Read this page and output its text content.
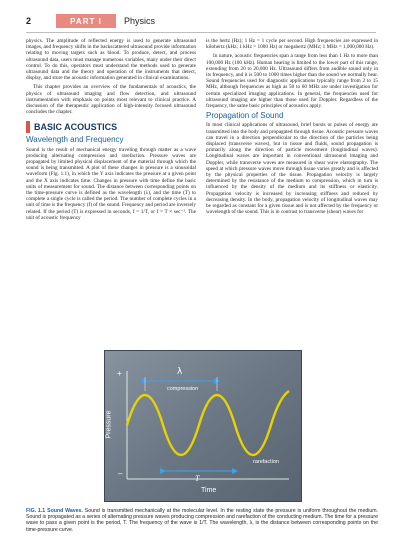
2	PART I	Physics

physics. The amplitude of reflected energy is used to generate ultrasound images, and frequency shifts in the backscattered ultrasound provide information relating to moving targets such as blood. To produce, detect, and process ultrasound data, users must manage numerous variables, many under their direct control. To do this, operators must understand the methods used to generate ultrasound data and the theory and operation of the instruments that detect, display, and store the acoustic information generated in clinical examinations.

This chapter provides an overview of the fundamentals of acoustics, the physics of ultrasound imaging and flow detection, and ultrasound instrumentation with emphasis on points most relevant to clinical practice. A discussion of the therapeutic application of high-intensity focused ultrasound concludes the chapter.

BASIC ACOUSTICS
Wavelength and Frequency

Sound is the result of mechanical energy traveling through matter as a wave producing alternating compression and rarefaction. Pressure waves are propagated by limited physical displacement of the material through which the sound is being transmitted. A plot of these changes in pressure is a sinusoidal waveform (Fig. 1.1), in which the Y axis indicates the pressure at a given point and the X axis indicates time. Changes in pressure with time define the basic units of measurement for sound. The distance between corresponding points on the time-pressure curve is defined as the wavelength (λ), and the time (T) to complete a single cycle is called the period. The number of complete cycles in a unit of time is the frequency (f) of the sound. Frequency and period are inversely related. If the period (T) is expressed in seconds, f = 1/T, or f = T × sec⁻¹. The unit of acoustic frequency

is the hertz (Hz); 1 Hz = 1 cycle per second. High frequencies are expressed in kilohertz (kHz; 1 kHz = 1000 Hz) or megahertz (MHz; 1 MHz = 1,000,000 Hz).

In nature, acoustic frequencies span a range from less than 1 Hz to more than 100,000 Hz (100 kHz). Human hearing is limited to the lower part of this range, extending from 20 to 20,000 Hz. Ultrasound differs from audible sound only in its frequency, and it is 500 to 1000 times higher than the sound we normally hear. Sound frequencies used for diagnostic applications typically range from 2 to 15 MHz, although frequencies as high as 50 to 60 MHz are under investigation for certain specialized imaging applications. In general, the frequencies used for ultrasound imaging are higher than those used for Doppler. Regardless of the frequency, the same basic principles of acoustics apply.

Propagation of Sound

In most clinical applications of ultrasound, brief bursts or pulses of energy are transmitted into the body and propagated through tissue. Acoustic pressure waves can travel in a direction perpendicular to the direction of the particles being displaced (transverse waves), but in tissue and fluids, sound propagation is primarily along the direction of particle movement (longitudinal waves). Longitudinal waves are important in conventional ultrasound imaging and Doppler, while transverse waves are measured in shear wave elastography. The speed at which pressure waves move through tissue varies greatly and is affected by the physical properties of the tissue. Propagation velocity is largely determined by the resistance of the medium to compression, which in turn is influenced by the density of the medium and its stiffness or elasticity. Propagation velocity is increased by increasing stiffness and reduced by decreasing density. In the body, propagation velocity of longitudinal waves may be regarded as constant for a given tissue and is not affected by the frequency or wavelength of the sound. This is in contrast to transverse (shear) waves for

λ
compression
rarefaction
T
+
–
Pressure
Time
FIG. 1.1 Sound Waves. Sound is transmitted mechanically at the molecular level. In the resting state the pressure is uniform throughout the medium. Sound is propagated as a series of alternating pressure waves producing compression and rarefaction of the conducting medium. The time for a pressure wave to pass a given point is the period, T. The frequency of the wave is 1/T. The wavelength, λ, is the distance between corresponding points on the time-pressure curve.
